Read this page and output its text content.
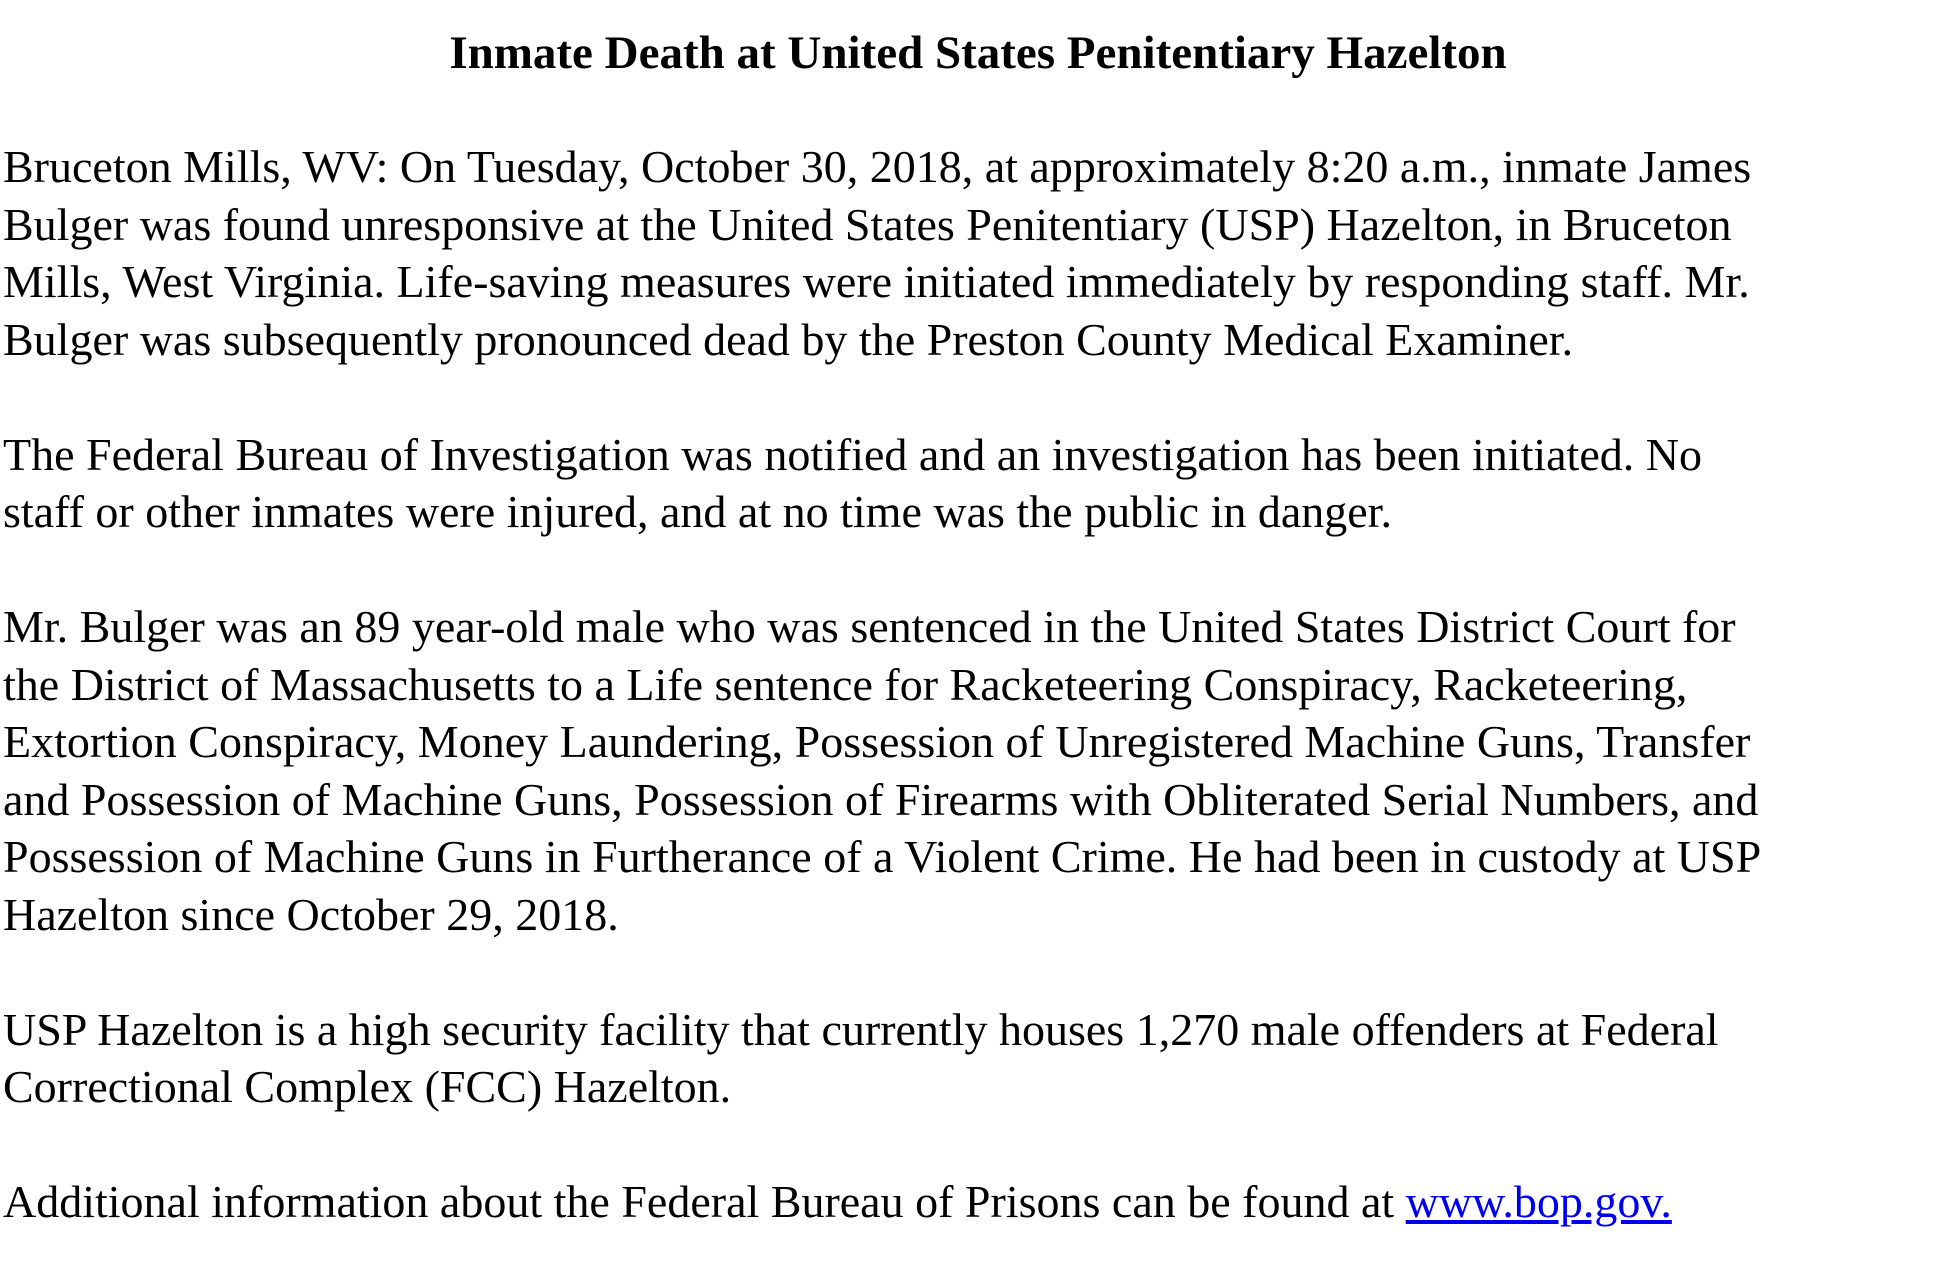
Inmate Death at United States Penitentiary Hazelton
Bruceton Mills, WV: On Tuesday, October 30, 2018, at approximately 8:20 a.m., inmate James
Bulger was found unresponsive at the United States Penitentiary (USP) Hazelton, in Bruceton
Mills, West Virginia. Life-saving measures were initiated immediately by responding staff. Mr.
Bulger was subsequently pronounced dead by the Preston County Medical Examiner.
The Federal Bureau of Investigation was notified and an investigation has been initiated. No
staff or other inmates were injured, and at no time was the public in danger.
Mr. Bulger was an 89 year-old male who was sentenced in the United States District Court for
the District of Massachusetts to a Life sentence for Racketeering Conspiracy, Racketeering,
Extortion Conspiracy, Money Laundering, Possession of Unregistered Machine Guns, Transfer
and Possession of Machine Guns, Possession of Firearms with Obliterated Serial Numbers, and
Possession of Machine Guns in Furtherance of a Violent Crime. He had been in custody at USP
Hazelton since October 29, 2018.
USP Hazelton is a high security facility that currently houses 1,270 male offenders at Federal
Correctional Complex (FCC) Hazelton.
Additional information about the Federal Bureau of Prisons can be found at www.bop.gov.
